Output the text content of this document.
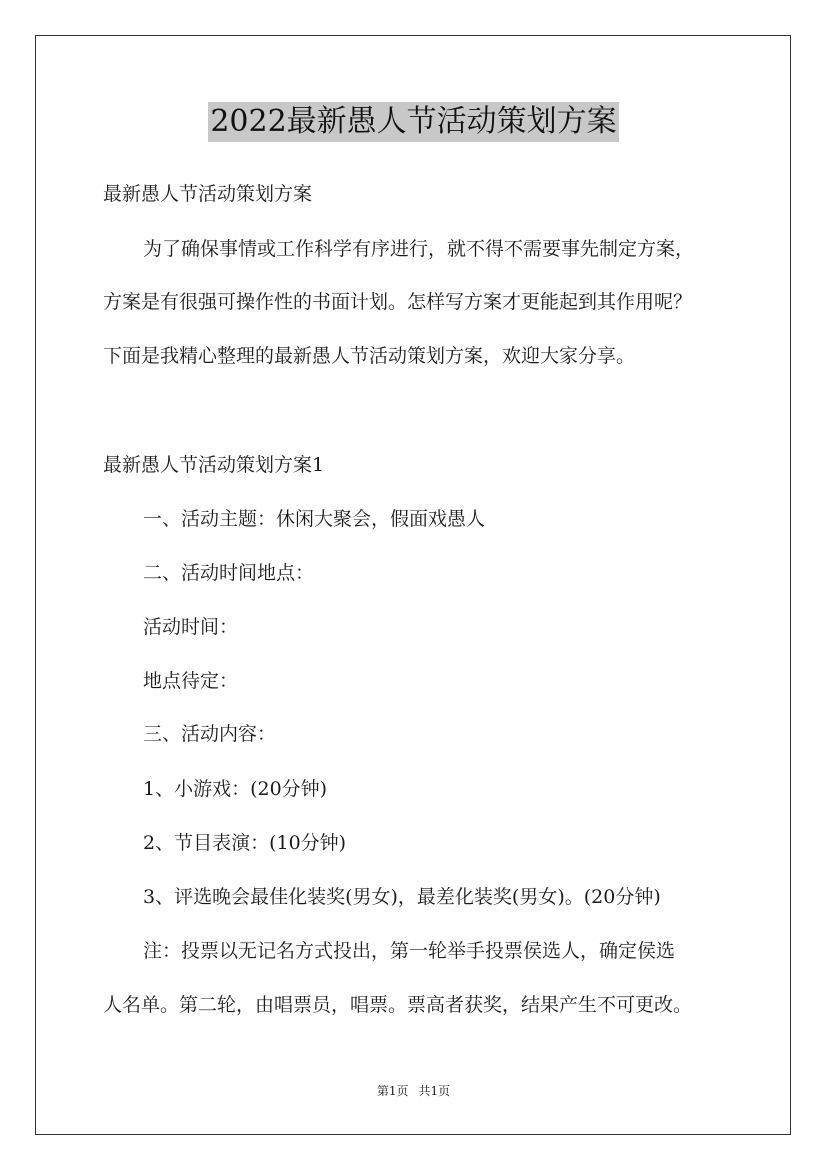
2022最新愚人节活动策划方案
最新愚人节活动策划方案
为了确保事情或工作科学有序进行，就不得不需要事先制定方案，
方案是有很强可操作性的书面计划。怎样写方案才更能起到其作用呢？
下面是我精心整理的最新愚人节活动策划方案，欢迎大家分享。
最新愚人节活动策划方案1
一、活动主题：休闲大聚会，假面戏愚人
二、活动时间地点：
活动时间：
地点待定：
三、活动内容：
1、小游戏：(20分钟)
2、节目表演：(10分钟)
3、评选晚会最佳化装奖(男女)，最差化装奖(男女)。(20分钟)
注：投票以无记名方式投出，第一轮举手投票侯选人，确定侯选
人名单。第二轮，由唱票员，唱票。票高者获奖，结果产生不可更改。
第1页 共1页
